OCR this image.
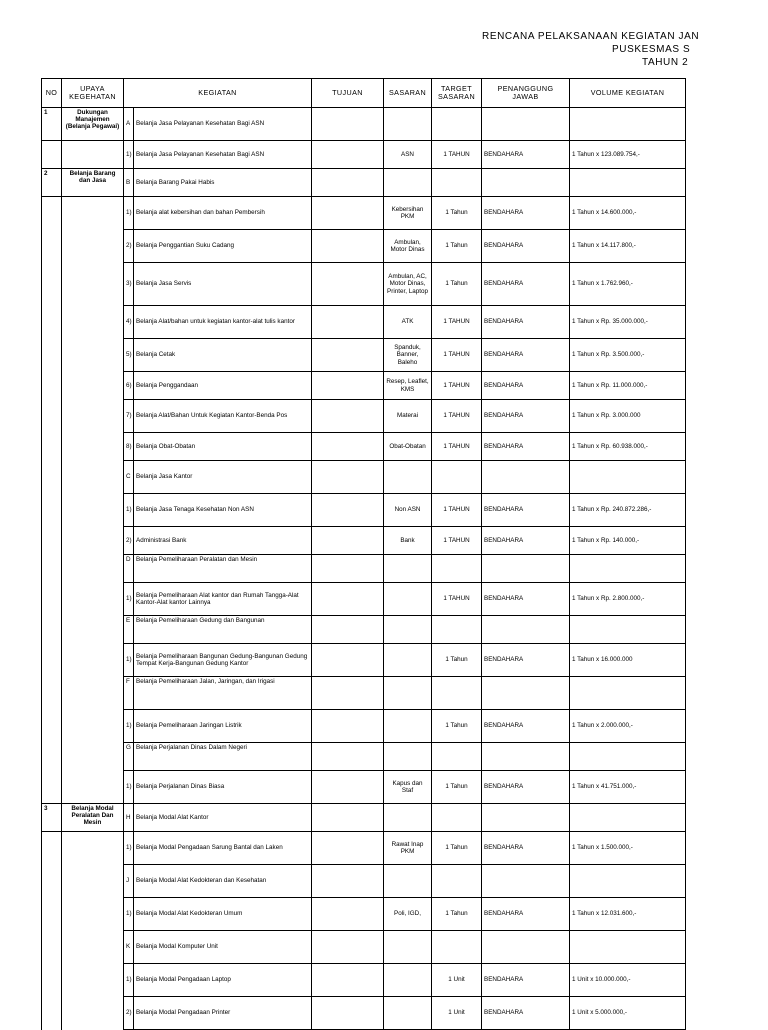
RENCANA PELAKSANAAN KEGIATAN JAN
PUSKESMAS S
TAHUN 2
NO	UPAYA KEGEHATAN	KEGIATAN		TUJUAN	SASARAN	TARGET SASARAN	PENANGGUNG JAWAB	VOLUME KEGIATAN
1	Dukungan Manajemen (Belanja Pegawai)	A	Belanja Jasa Pelayanan Kesehatan Bagi ASN					
		1)	Belanja Jasa Pelayanan Kesehatan Bagi ASN		ASN	1 TAHUN	BENDAHARA	1 Tahun x 123.089.754,-
2	Belanja Barang dan Jasa	B	Belanja Barang Pakai Habis					
		1)	Belanja alat kebersihan dan bahan Pembersih		Kebersihan PKM	1 Tahun	BENDAHARA	1 Tahun x 14.600.000,-
		2)	Belanja Penggantian Suku Cadang		Ambulan, Motor Dinas	1 Tahun	BENDAHARA	1 Tahun x 14.117.800,-
		3)	Belanja Jasa Servis		Ambulan, AC, Motor Dinas, Printer, Laptop	1 Tahun	BENDAHARA	1 Tahun x 1.762.960,-
		4)	Belanja Alat/bahan untuk kegiatan kantor-alat tulis kantor		ATK	1 TAHUN	BENDAHARA	1 Tahun x Rp. 35.000.000,-
		5)	Belanja Cetak		Spanduk, Banner, Baleho	1 TAHUN	BENDAHARA	1 Tahun x Rp. 3.500.000,-
		6)	Belanja Penggandaan		Resep, Leaflet, KMS	1 TAHUN	BENDAHARA	1 Tahun x Rp. 11.000.000,-
		7)	Belanja Alat/Bahan Untuk Kegiatan Kantor-Benda Pos		Materai	1 TAHUN	BENDAHARA	1 Tahun x Rp. 3.000.000
		8)	Belanja Obat-Obatan		Obat-Obatan	1 TAHUN	BENDAHARA	1 Tahun x Rp. 60.938.000,-
		C	Belanja Jasa Kantor					
		1)	Belanja Jasa Tenaga Kesehatan Non ASN		Non ASN	1 TAHUN	BENDAHARA	1 Tahun x Rp. 240.872.286,-
		2)	Administrasi Bank		Bank	1 TAHUN	BENDAHARA	1 Tahun x Rp. 140.000,-
		D	Belanja Pemeliharaan Peralatan dan Mesin					
		1)	Belanja Pemeliharaan Alat kantor dan Rumah Tangga-Alat Kantor-Alat kantor Lainnya			1 TAHUN	BENDAHARA	1 Tahun x Rp. 2.800.000,-
		E	Belanja Pemeliharaan Gedung dan Bangunan					
		1)	Belanja Pemeliharaan Bangunan Gedung-Bangunan Gedung Tempat Kerja-Bangunan Gedung Kantor			1 Tahun	BENDAHARA	1 Tahun x 16.000.000
		F	Belanja Pemeliharaan Jalan, Jaringan, dan Irigasi					
		1)	Belanja Pemeliharaan Jaringan Listrik			1 Tahun	BENDAHARA	1 Tahun x 2.000.000,-
		G	Belanja Perjalanan Dinas Dalam Negeri					
		1)	Belanja Perjalanan Dinas Biasa		Kapus dan Staf	1 Tahun	BENDAHARA	1 Tahun x 41.751.000,-
3	Belanja Modal Peralatan Dan Mesin	H	Belanja Modal Alat Kantor					
		1)	Belanja Modal Pengadaan Sarung Bantal dan Laken		Rawat Inap PKM	1 Tahun	BENDAHARA	1 Tahun x 1.500.000,-
		J	Belanja Modal Alat Kedokteran dan Kesehatan					
		1)	Belanja Modal Alat Kedokteran Umum		Poli, IGD,	1 Tahun	BENDAHARA	1 Tahun x 12.031.600,-
		K	Belanja Modal Komputer Unit					
		1)	Belanja Modal Pengadaan Laptop			1 Unit	BENDAHARA	1 Unit x 10.000.000,-
		2)	Belanja Modal Pengadaan Printer			1 Unit	BENDAHARA	1 Unit x 5.000.000,-
